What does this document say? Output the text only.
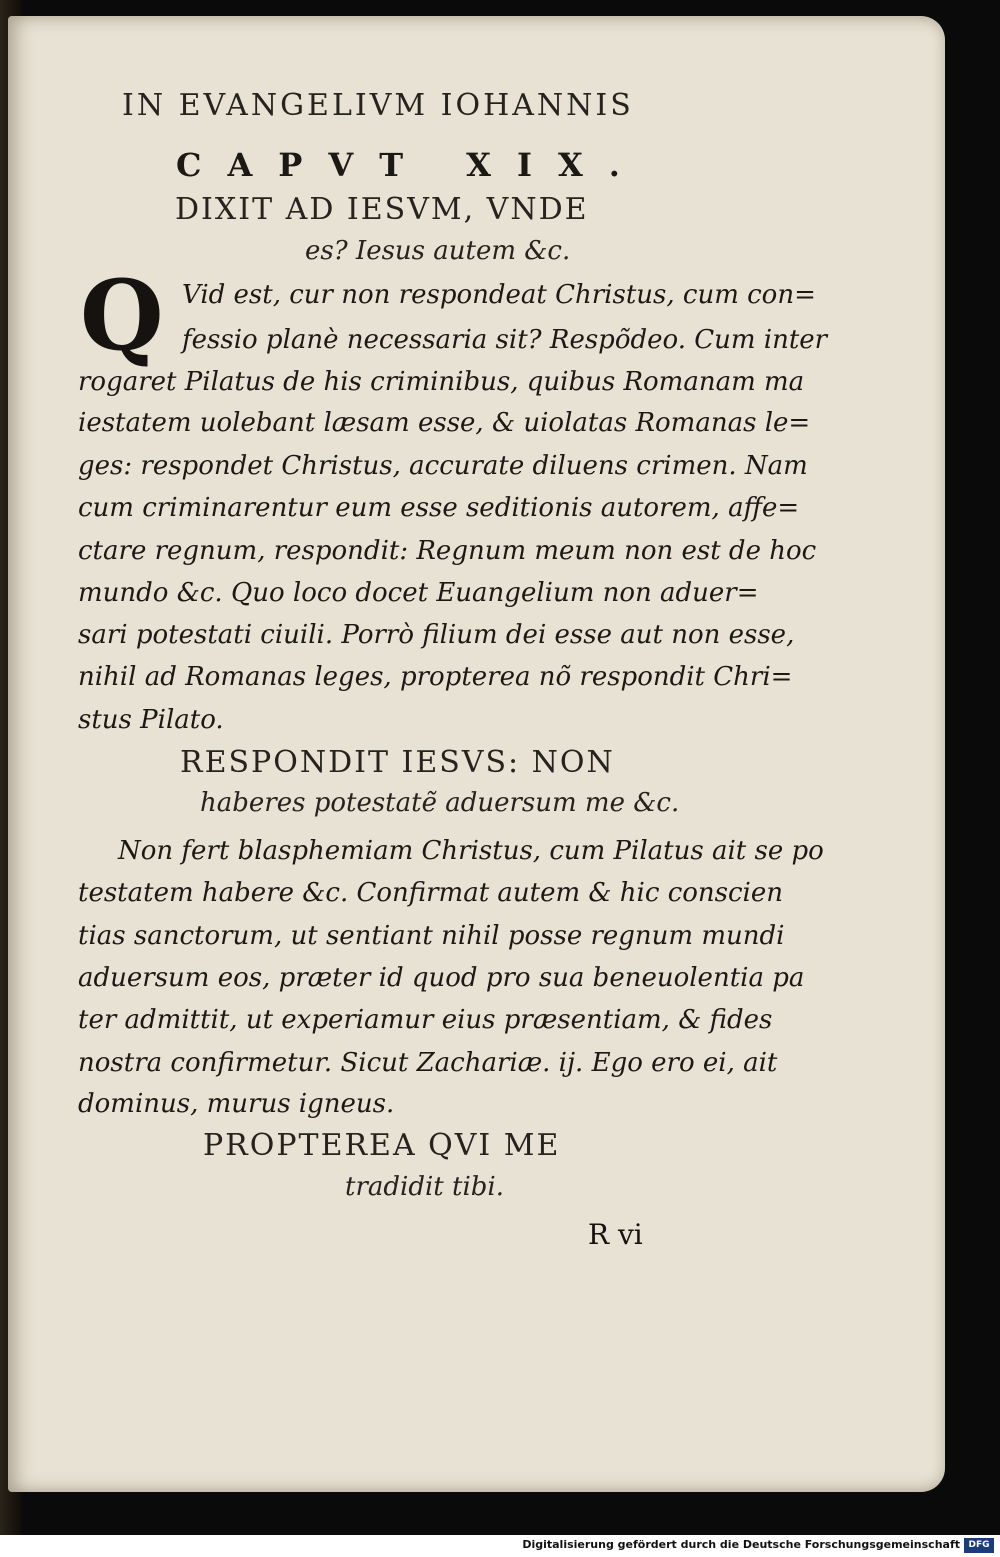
IN EVANGELIVM IOHANNIS
CAPVT XIX.
DIXIT AD IESVM, VNDE
es? Iesus autem &c.
Q Vid est, cur non respondeat Christus, cum con=
fessio planè necessaria sit? Respõdeo. Cum inter
rogaret Pilatus de his criminibus, quibus Romanam ma
iestatem uolebant læsam esse, & uiolatas Romanas le=
ges: respondet Christus, accurate diluens crimen. Nam
cum criminarentur eum esse seditionis autorem, affe=
ctare regnum, respondit: Regnum meum non est de hoc
mundo &c. Quo loco docet Euangelium non aduer=
sari potestati ciuili. Porrò filium dei esse aut non esse,
nihil ad Romanas leges, propterea nõ respondit Chri=
stus Pilato.
RESPONDIT IESVS: NON
haberes potestatẽ aduersum me &c.
Non fert blasphemiam Christus, cum Pilatus ait se po
testatem habere &c. Confirmat autem & hic conscien
tias sanctorum, ut sentiant nihil posse regnum mundi
aduersum eos, præter id quod pro sua beneuolentia pa
ter admittit, ut experiamur eius præsentiam, & fides
nostra confirmetur. Sicut Zachariæ. ij. Ego ero ei, ait
dominus, murus igneus.
PROPTEREA QVI ME
tradidit tibi.
R vi
Digitalisierung gefördert durch die Deutsche Forschungsgemeinschaft DFG
